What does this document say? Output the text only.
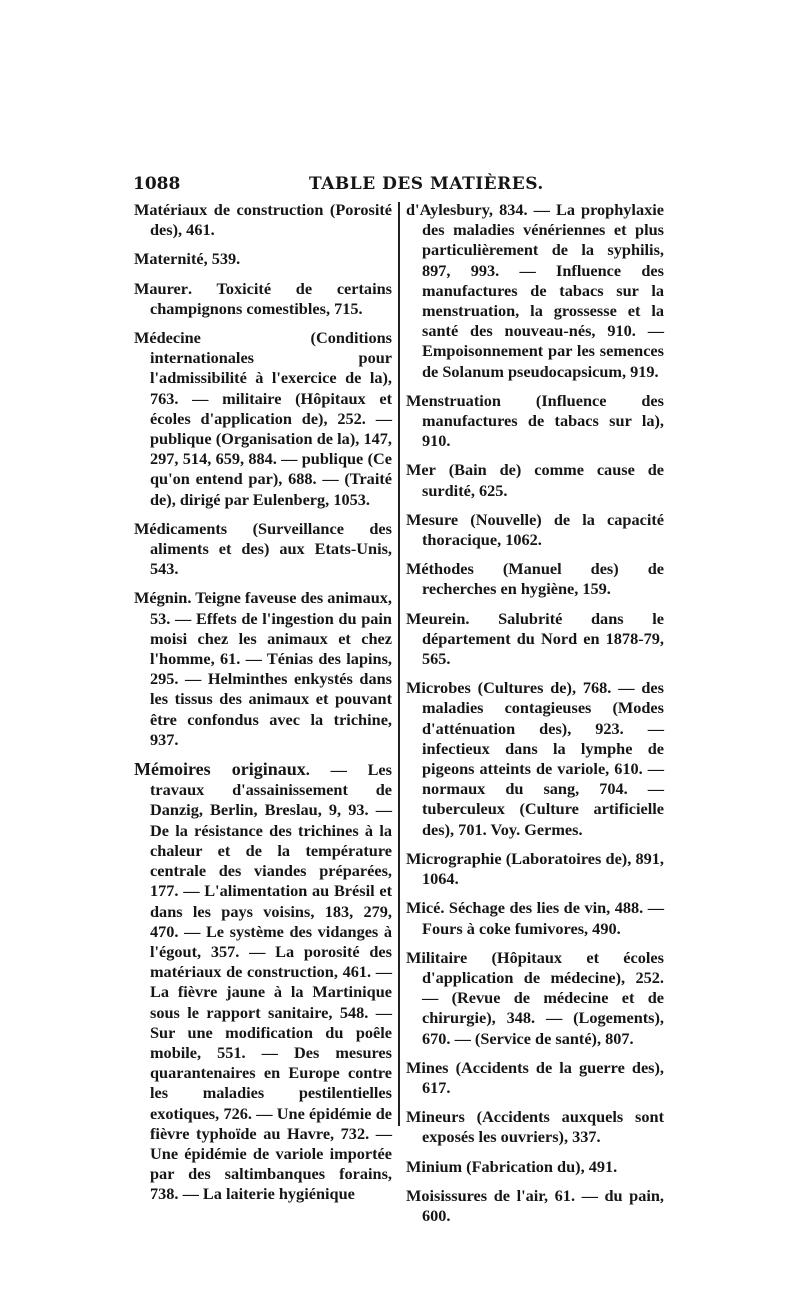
1088	TABLE DES MATIÈRES.

Matériaux de construction (Porosité des), 461.

Maternité, 539.

Maurer. Toxicité de certains champignons comestibles, 715.

Médecine (Conditions internationales pour l'admissibilité à l'exercice de la), 763. — militaire (Hôpitaux et écoles d'application de), 252. — publique (Organisation de la), 147, 297, 514, 659, 884. — publique (Ce qu'on entend par), 688. — (Traité de), dirigé par Eulenberg, 1053.

Médicaments (Surveillance des aliments et des) aux Etats-Unis, 543.

Mégnin. Teigne faveuse des animaux, 53. — Effets de l'ingestion du pain moisi chez les animaux et chez l'homme, 61. — Ténias des lapins, 295. — Helminthes enkystés dans les tissus des animaux et pouvant être confondus avec la trichine, 937.

Mémoires originaux. — Les travaux d'assainissement de Danzig, Berlin, Breslau, 9, 93. — De la résistance des trichines à la chaleur et de la température centrale des viandes préparées, 177. — L'alimentation au Brésil et dans les pays voisins, 183, 279, 470. — Le système des vidanges à l'égout, 357. — La porosité des matériaux de construction, 461. — La fièvre jaune à la Martinique sous le rapport sanitaire, 548. — Sur une modification du poêle mobile, 551. — Des mesures quarantenaires en Europe contre les maladies pestilentielles exotiques, 726. — Une épidémie de fièvre typhoïde au Havre, 732. — Une épidémie de variole importée par des saltimbanques forains, 738. — La laiterie hygiénique

d'Aylesbury, 834. — La prophylaxie des maladies vénériennes et plus particulièrement de la syphilis, 897, 993. — Influence des manufactures de tabacs sur la menstruation, la grossesse et la santé des nouveau-nés, 910. — Empoisonnement par les semences de Solanum pseudocapsicum, 919.

Menstruation (Influence des manufactures de tabacs sur la), 910.

Mer (Bain de) comme cause de surdité, 625.

Mesure (Nouvelle) de la capacité thoracique, 1062.

Méthodes (Manuel des) de recherches en hygiène, 159.

Meurein. Salubrité dans le département du Nord en 1878-79, 565.

Microbes (Cultures de), 768. — des maladies contagieuses (Modes d'atténuation des), 923. — infectieux dans la lymphe de pigeons atteints de variole, 610. — normaux du sang, 704. — tuberculeux (Culture artificielle des), 701. Voy. Germes.

Micrographie (Laboratoires de), 891, 1064.

Micé. Séchage des lies de vin, 488. — Fours à coke fumivores, 490.

Militaire (Hôpitaux et écoles d'application de médecine), 252. — (Revue de médecine et de chirurgie), 348. — (Logements), 670. — (Service de santé), 807.

Mines (Accidents de la guerre des), 617.

Mineurs (Accidents auxquels sont exposés les ouvriers), 337.

Minium (Fabrication du), 491.

Moisissures de l'air, 61. — du pain, 600.
